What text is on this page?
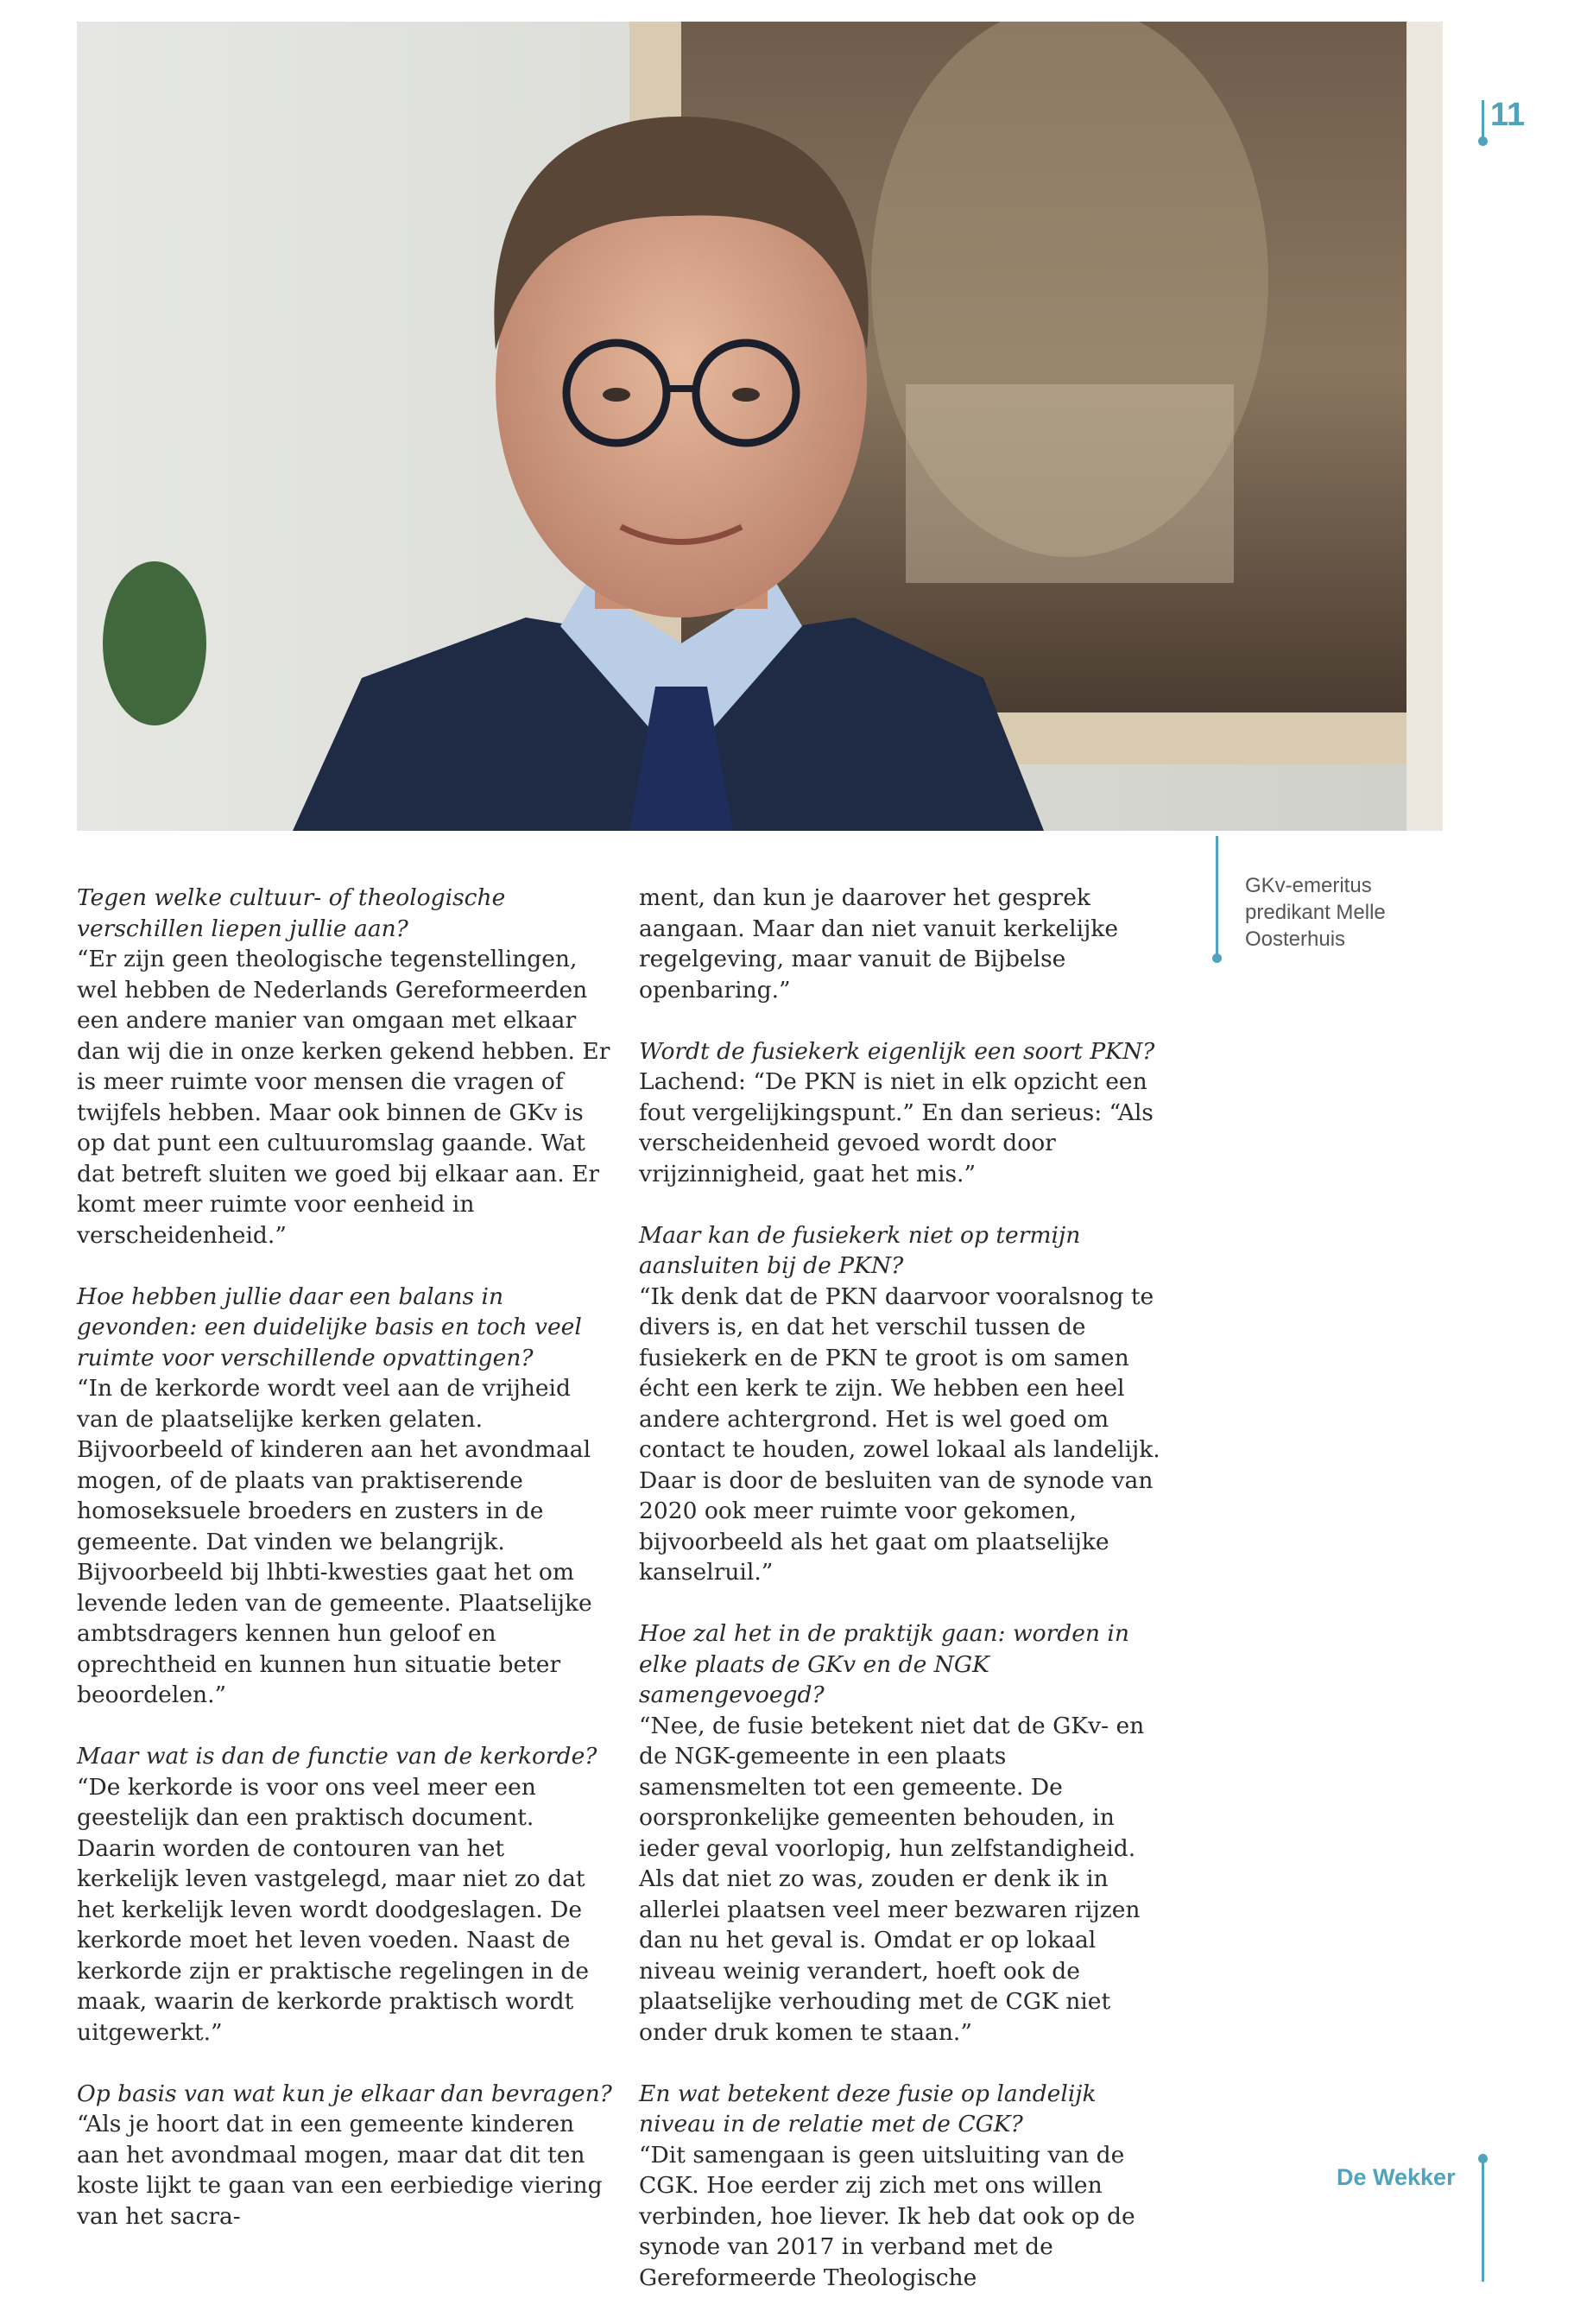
11
GKv-emeritus predikant Melle Oosterhuis

Tegen welke cultuur- of theologische verschillen liepen jullie aan?
“Er zijn geen theologische tegenstellingen, wel hebben de Nederlands Gereformeerden een andere manier van omgaan met elkaar dan wij die in onze kerken gekend hebben. Er is meer ruimte voor mensen die vragen of twijfels hebben. Maar ook binnen de GKv is op dat punt een cultuuromslag gaande. Wat dat betreft sluiten we goed bij elkaar aan. Er komt meer ruimte voor eenheid in verscheidenheid.”

Hoe hebben jullie daar een balans in gevonden: een duidelijke basis en toch veel ruimte voor verschillende opvattingen?
“In de kerkorde wordt veel aan de vrijheid van de plaatselijke kerken gelaten. Bijvoorbeeld of kinderen aan het avondmaal mogen, of de plaats van praktiserende homoseksuele broeders en zusters in de gemeente. Dat vinden we belangrijk. Bijvoorbeeld bij lhbti-kwesties gaat het om levende leden van de gemeente. Plaatselijke ambtsdragers kennen hun geloof en oprechtheid en kunnen hun situatie beter beoordelen.”

Maar wat is dan de functie van de kerkorde?
“De kerkorde is voor ons veel meer een geestelijk dan een praktisch document. Daarin worden de contouren van het kerkelijk leven vastgelegd, maar niet zo dat het kerkelijk leven wordt doodgeslagen. De kerkorde moet het leven voeden. Naast de kerkorde zijn er praktische regelingen in de maak, waarin de kerkorde praktisch wordt uitgewerkt.”

Op basis van wat kun je elkaar dan bevragen?
“Als je hoort dat in een gemeente kinderen aan het avondmaal mogen, maar dat dit ten koste lijkt te gaan van een eerbiedige viering van het sacra-

ment, dan kun je daarover het gesprek aangaan. Maar dan niet vanuit kerkelijke regelgeving, maar vanuit de Bijbelse openbaring.”

Wordt de fusiekerk eigenlijk een soort PKN?
Lachend: “De PKN is niet in elk opzicht een fout vergelijkingspunt.” En dan serieus: “Als verscheidenheid gevoed wordt door vrijzinnigheid, gaat het mis.”

Maar kan de fusiekerk niet op termijn aansluiten bij de PKN?
“Ik denk dat de PKN daarvoor vooralsnog te divers is, en dat het verschil tussen de fusiekerk en de PKN te groot is om samen écht een kerk te zijn. We hebben een heel andere achtergrond. Het is wel goed om contact te houden, zowel lokaal als landelijk. Daar is door de besluiten van de synode van 2020 ook meer ruimte voor gekomen, bijvoorbeeld als het gaat om plaatselijke kanselruil.”

Hoe zal het in de praktijk gaan: worden in elke plaats de GKv en de NGK samengevoegd?
“Nee, de fusie betekent niet dat de GKv- en de NGK-gemeente in een plaats samensmelten tot een gemeente. De oorspronkelijke gemeenten behouden, in ieder geval voorlopig, hun zelfstandigheid. Als dat niet zo was, zouden er denk ik in allerlei plaatsen veel meer bezwaren rijzen dan nu het geval is. Omdat er op lokaal niveau weinig verandert, hoeft ook de plaatselijke verhouding met de CGK niet onder druk komen te staan.”

En wat betekent deze fusie op landelijk niveau in de relatie met de CGK?
“Dit samengaan is geen uitsluiting van de CGK. Hoe eerder zij zich met ons willen verbinden, hoe liever. Ik heb dat ook op de synode van 2017 in verband met de Gereformeerde Theologische

De Wekker
